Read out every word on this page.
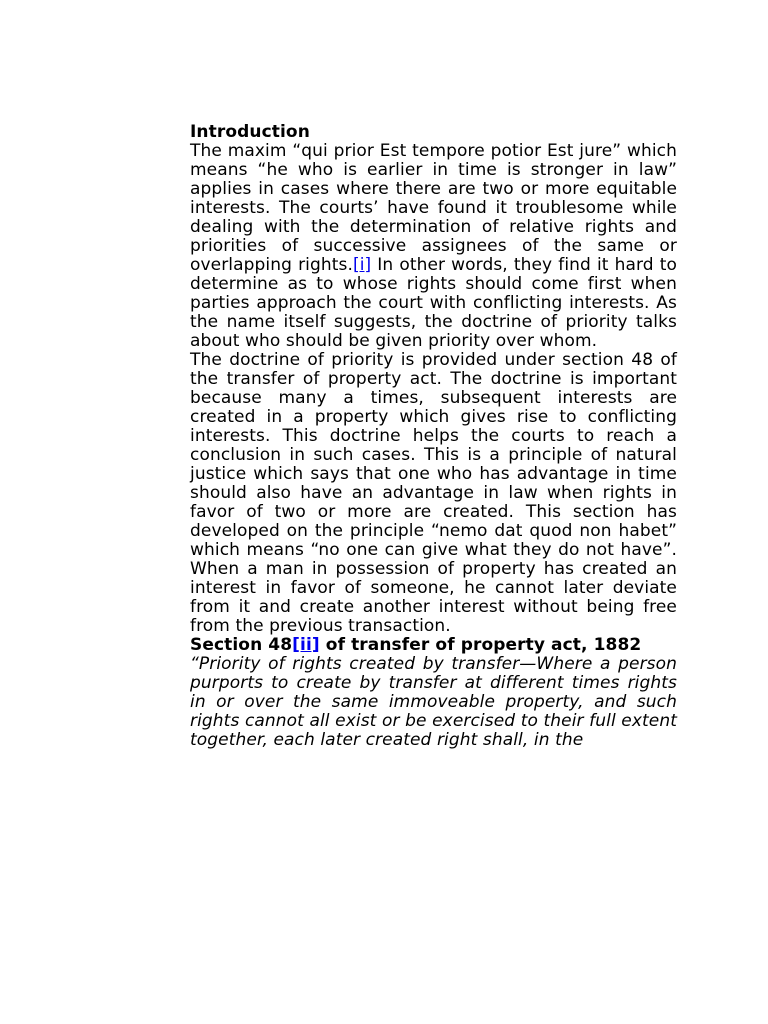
Introduction

The maxim “qui prior Est tempore potior Est jure” which means “he who is earlier in time is stronger in law” applies in cases where there are two or more equitable interests. The courts’ have found it troublesome while dealing with the determination of relative rights and priorities of successive assignees of the same or overlapping rights.[i] In other words, they find it hard to determine as to whose rights should come first when parties approach the court with conflicting interests. As the name itself suggests, the doctrine of priority talks about who should be given priority over whom.

The doctrine of priority is provided under section 48 of the transfer of property act. The doctrine is important because many a times, subsequent interests are created in a property which gives rise to conflicting interests. This doctrine helps the courts to reach a conclusion in such cases. This is a principle of natural justice which says that one who has advantage in time should also have an advantage in law when rights in favor of two or more are created. This section has developed on the principle “nemo dat quod non habet” which means “no one can give what they do not have”. When a man in possession of property has created an interest in favor of someone, he cannot later deviate from it and create another interest without being free from the previous transaction.

Section 48[ii] of transfer of property act, 1882

“Priority of rights created by transfer—Where a person purports to create by transfer at different times rights in or over the same immoveable property, and such rights cannot all exist or be exercised to their full extent together, each later created right shall, in the
